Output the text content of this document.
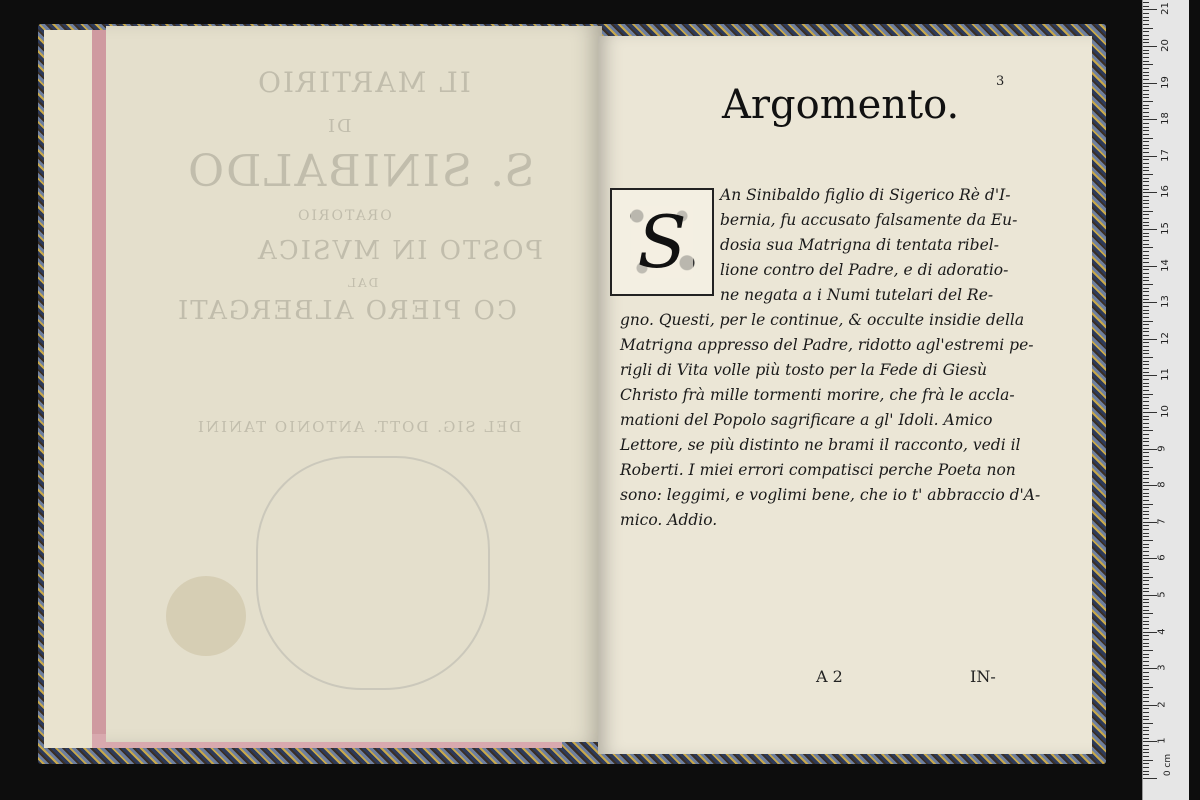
IL MARTIRIO
DI
S. SINIBALDO
ORATORIO
POSTO IN MVSICA
DAL
CO PIERO ALBERGATI
DEL SIG. DOTT. ANTONIO TANINI
3
Argomento.
S
An Sinibaldo figlio di Sigerico Rè d'I-
bernia, fu accusato falsamente da Eu-
dosia sua Matrigna di tentata ribel-
lione contro del Padre, e di adoratio-
ne negata a i Numi tutelari del Re-
gno. Questi, per le continue, & occulte insidie della
Matrigna appresso del Padre, ridotto agl'estremi pe-
rigli di Vita volle più tosto per la Fede di Giesù
Christo frà mille tormenti morire, che frà le accla-
mationi del Popolo sagrificare a gl' Idoli. Amico
Lettore, se più distinto ne brami il racconto, vedi il
Roberti. I miei errori compatisci perche Poeta non
sono: leggimi, e voglimi bene, che io t' abbraccio d'A-
mico. Addio.
A 2	IN-
0 cm
1
2
3
4
5
6
7
8
9
10
11
12
13
14
15
16
17
18
19
20
21
